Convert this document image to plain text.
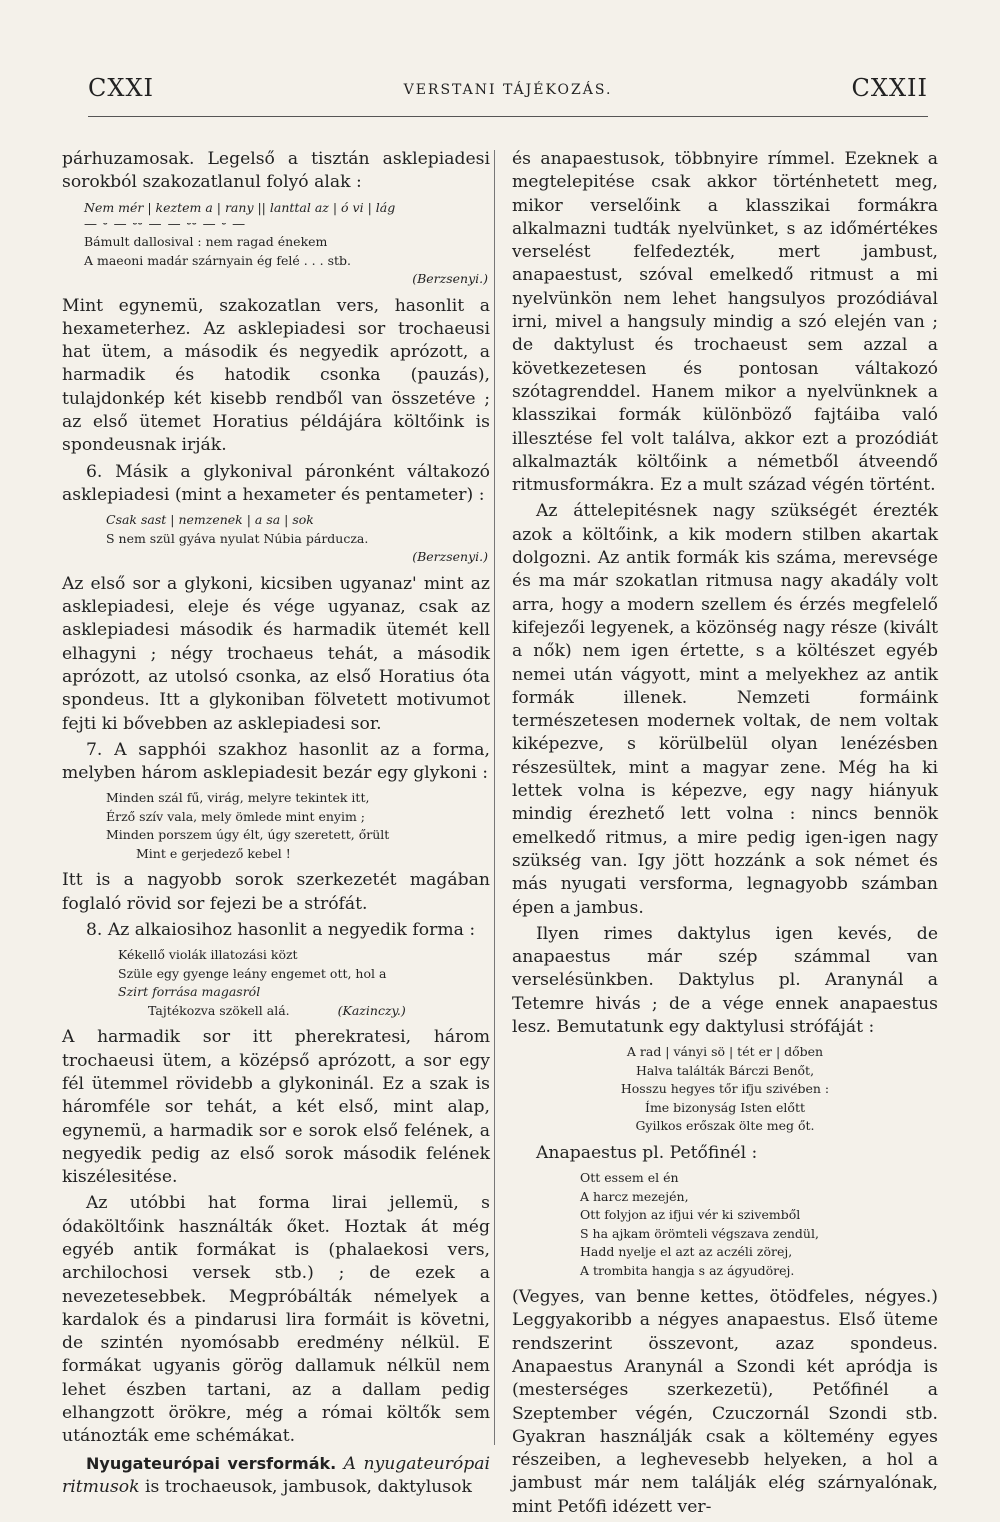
CXXI	VERSTANI TÁJÉKOZÁS.	CXXII

párhuzamosak. Legelső a tisztán asklepiadesi sorokból szakozatlanul folyó alak :

Nem mér | keztem a | rany || lanttal az | ó vi | lág
— ⏑ — ⏑⏑ — — ⏑⏑ — ⏑ —
Bámult dallosival : nem ragad énekem
A maeoni madár szárnyain ég felé . . . stb.
(Berzsenyi.)

Mint egynemü, szakozatlan vers, hasonlit a hexameterhez. Az asklepiadesi sor trochaeusi hat ütem, a második és negyedik aprózott, a harmadik és hatodik csonka (pauzás), tulajdonkép két kisebb rendből van összetéve ; az első ütemet Horatius példájára költőink is spondeusnak irják.

6. Másik a glykonival páronként váltakozó asklepiadesi (mint a hexameter és pentameter) :

Csak sast | nemzenek | a sa | sok
S nem szül gyáva nyulat Núbia párducza.
(Berzsenyi.)

Az első sor a glykoni, kicsiben ugyanaz' mint az asklepiadesi, eleje és vége ugyanaz, csak az asklepiadesi második és harmadik ütemét kell elhagyni ; négy trochaeus tehát, a második aprózott, az utolsó csonka, az első Horatius óta spondeus. Itt a glykoniban fölvetett motivumot fejti ki bővebben az asklepiadesi sor.

7. A sapphói szakhoz hasonlit az a forma, melyben három asklepiadesit bezár egy glykoni :

Minden szál fű, virág, melyre tekintek itt,
Érző szív vala, mely ömlede mint enyim ;
Minden porszem úgy élt, úgy szeretett, őrült
Mint e gerjedező kebel !

Itt is a nagyobb sorok szerkezetét magában foglaló rövid sor fejezi be a strófát.

8. Az alkaiosihoz hasonlit a negyedik forma :

Kékellő violák illatozási közt
Szüle egy gyenge leány engemet ott, hol a
Szirt forrása magasról
Tajtékozva szökell alá.	(Kazinczy.)

A harmadik sor itt pherekratesi, három trochaeusi ütem, a középső aprózott, a sor egy fél ütemmel rövidebb a glykoninál. Ez a szak is háromféle sor tehát, a két első, mint alap, egynemü, a harmadik sor e sorok első felének, a negyedik pedig az első sorok második felének kiszélesitése.

Az utóbbi hat forma lirai jellemü, s ódaköltőink használták őket. Hoztak át még egyéb antik formákat is (phalaekosi vers, archilochosi versek stb.) ; de ezek a nevezetesebbek. Megpróbálták némelyek a kardalok és a pindarusi lira formáit is követni, de szintén nyomósabb eredmény nélkül. E formákat ugyanis görög dallamuk nélkül nem lehet észben tartani, az a dallam pedig elhangzott örökre, még a római költők sem utánozták eme schémákat.

Nyugateurópai versformák. A nyugateurópai ritmusok is trochaeusok, jambusok, daktylusok

és anapaestusok, többnyire rímmel. Ezeknek a megtelepitése csak akkor történhetett meg, mikor verselőink a klasszikai formákra alkalmazni tudták nyelvünket, s az időmértékes verselést felfedezték, mert jambust, anapaestust, szóval emelkedő ritmust a mi nyelvünkön nem lehet hangsulyos prozódiával irni, mivel a hangsuly mindig a szó elején van ; de daktylust és trochaeust sem azzal a következetesen és pontosan váltakozó szótagrenddel. Hanem mikor a nyelvünknek a klasszikai formák különböző fajtáiba való illesztése fel volt találva, akkor ezt a prozódiát alkalmazták költőink a németből átveendő ritmusformákra. Ez a mult század végén történt.

Az áttelepitésnek nagy szükségét érezték azok a költőink, a kik modern stilben akartak dolgozni. Az antik formák kis száma, merevsége és ma már szokatlan ritmusa nagy akadály volt arra, hogy a modern szellem és érzés megfelelő kifejezői legyenek, a közönség nagy része (kivált a nők) nem igen értette, s a költészet egyéb nemei után vágyott, mint a melyekhez az antik formák illenek. Nemzeti formáink természetesen modernek voltak, de nem voltak kiképezve, s körülbelül olyan lenézésben részesültek, mint a magyar zene. Még ha ki lettek volna is képezve, egy nagy hiányuk mindig érezhető lett volna : nincs bennök emelkedő ritmus, a mire pedig igen-igen nagy szükség van. Igy jött hozzánk a sok német és más nyugati versforma, legnagyobb számban épen a jambus.

Ilyen rimes daktylus igen kevés, de anapaestus már szép számmal van verselésünkben. Daktylus pl. Aranynál a Tetemre hivás ; de a vége ennek anapaestus lesz. Bemutatunk egy daktylusi strófáját :

A rad | ványi sö | tét er | dőben
Halva találták Bárczi Benőt,
Hosszu hegyes tőr ifju szivében :
Íme bizonyság Isten előtt
Gyilkos erőszak ölte meg őt.

Anapaestus pl. Petőfinél :

Ott essem el én
A harcz mezején,
Ott folyjon az ifjui vér ki szivemből
S ha ajkam örömteli végszava zendül,
Hadd nyelje el azt az aczéli zörej,
A trombita hangja s az ágyudörej.

(Vegyes, van benne kettes, ötödfeles, négyes.) Leggyakoribb a négyes anapaestus. Első üteme rendszerint összevont, azaz spondeus. Anapaestus Aranynál a Szondi két apródja is (mesterséges szerkezetü), Petőfinél a Szeptember végén, Czuczornál Szondi stb. Gyakran használják csak a költemény egyes részeiben, a leghevesebb helyeken, a hol a jambust már nem találják elég szárnyalónak, mint Petőfi idézett ver-
